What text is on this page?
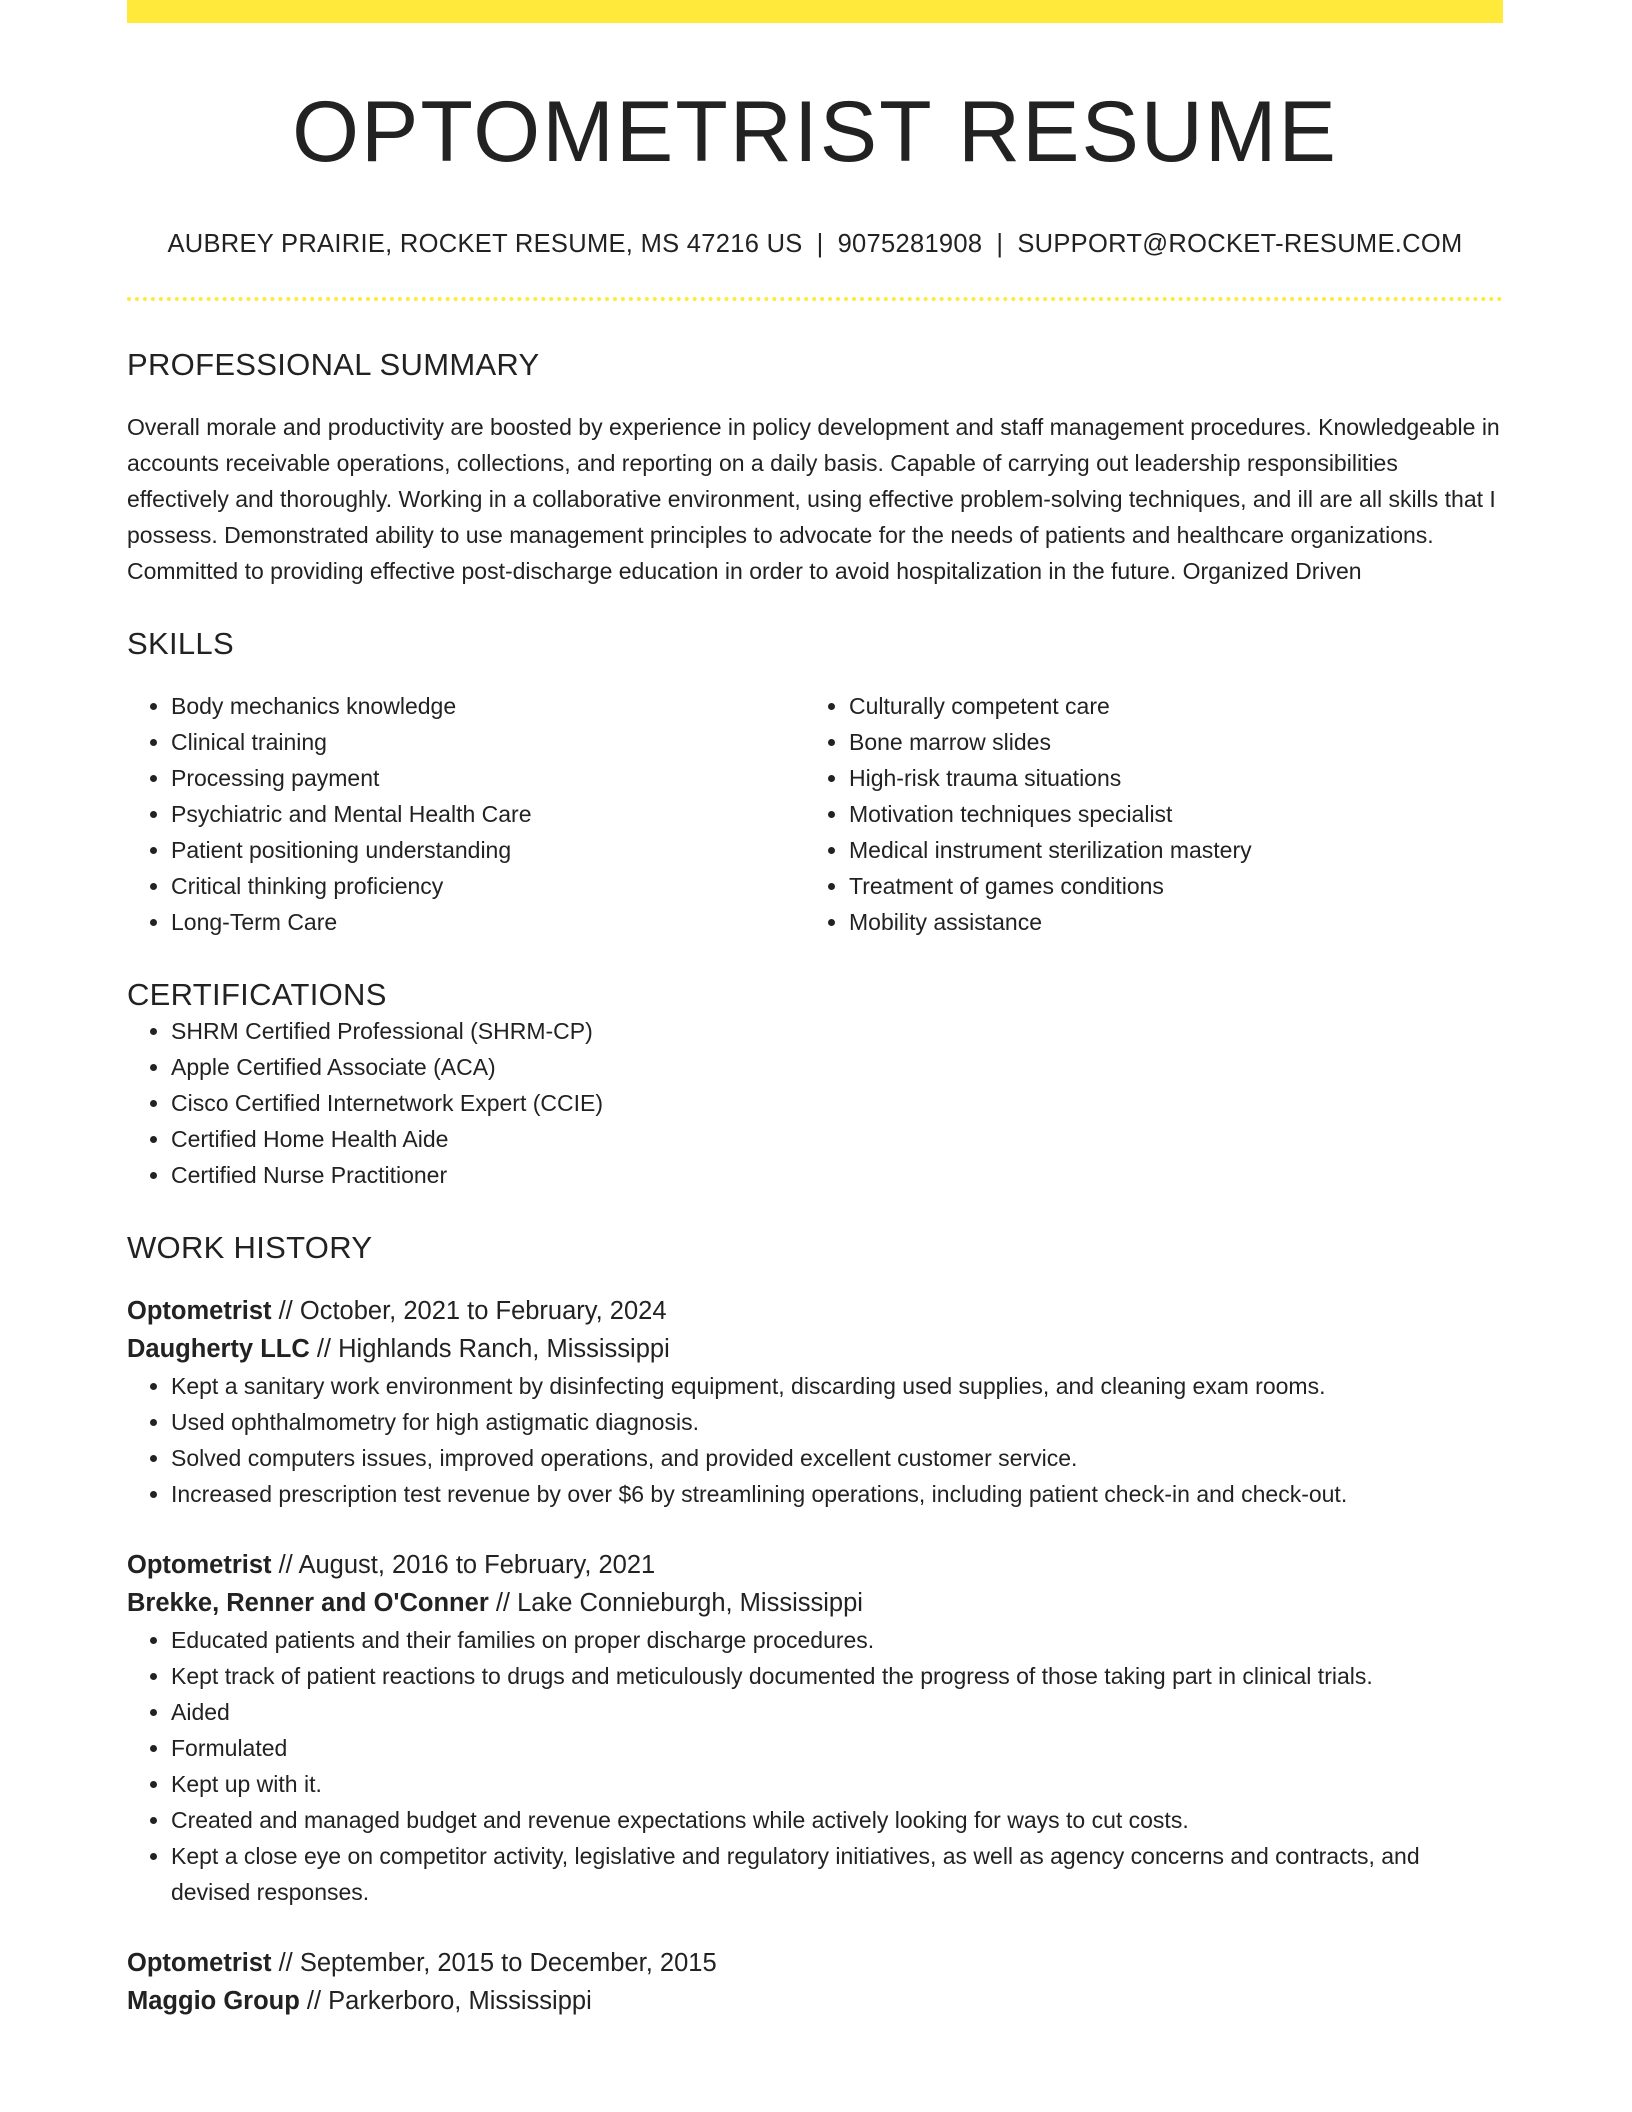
OPTOMETRIST RESUME
AUBREY PRAIRIE, ROCKET RESUME, MS 47216 US | 9075281908 | SUPPORT@ROCKET-RESUME.COM
PROFESSIONAL SUMMARY

Overall morale and productivity are boosted by experience in policy development and staff management procedures. Knowledgeable in accounts receivable operations, collections, and reporting on a daily basis. Capable of carrying out leadership responsibilities effectively and thoroughly. Working in a collaborative environment, using effective problem-solving techniques, and ill are all skills that I possess. Demonstrated ability to use management principles to advocate for the needs of patients and healthcare organizations. Committed to providing effective post-discharge education in order to avoid hospitalization in the future. Organized Driven

SKILLS
• Body mechanics knowledge
• Clinical training
• Processing payment
• Psychiatric and Mental Health Care
• Patient positioning understanding
• Critical thinking proficiency
• Long-Term Care
• Culturally competent care
• Bone marrow slides
• High-risk trauma situations
• Motivation techniques specialist
• Medical instrument sterilization mastery
• Treatment of games conditions
• Mobility assistance
CERTIFICATIONS
• SHRM Certified Professional (SHRM-CP)
• Apple Certified Associate (ACA)
• Cisco Certified Internetwork Expert (CCIE)
• Certified Home Health Aide
• Certified Nurse Practitioner
WORK HISTORY
Optometrist // October, 2021 to February, 2024
Daugherty LLC // Highlands Ranch, Mississippi
• Kept a sanitary work environment by disinfecting equipment, discarding used supplies, and cleaning exam rooms.
• Used ophthalmometry for high astigmatic diagnosis.
• Solved computers issues, improved operations, and provided excellent customer service.
• Increased prescription test revenue by over $6 by streamlining operations, including patient check-in and check-out.
Optometrist // August, 2016 to February, 2021
Brekke, Renner and O'Conner // Lake Connieburgh, Mississippi
• Educated patients and their families on proper discharge procedures.
• Kept track of patient reactions to drugs and meticulously documented the progress of those taking part in clinical trials.
• Aided
• Formulated
• Kept up with it.
• Created and managed budget and revenue expectations while actively looking for ways to cut costs.
• Kept a close eye on competitor activity, legislative and regulatory initiatives, as well as agency concerns and contracts, and devised responses.
Optometrist // September, 2015 to December, 2015
Maggio Group // Parkerboro, Mississippi
